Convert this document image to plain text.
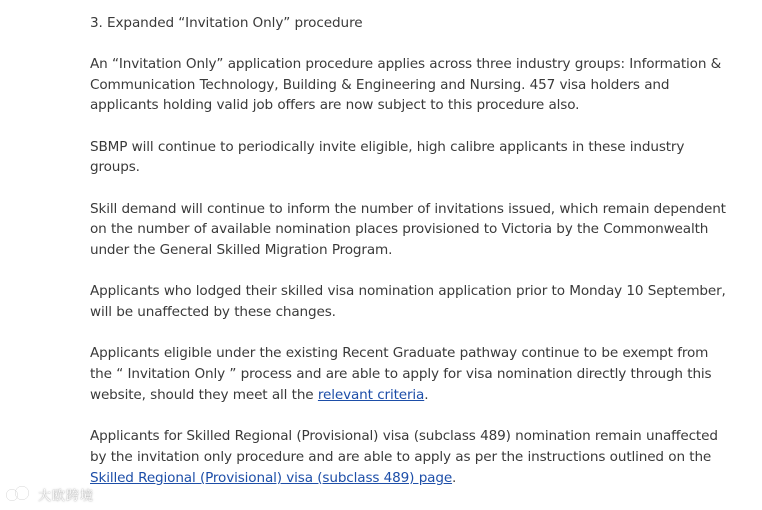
3. Expanded “Invitation Only” procedure

An “Invitation Only” application procedure applies across three industry groups: Information & Communication Technology, Building & Engineering and Nursing. 457 visa holders and applicants holding valid job offers are now subject to this procedure also.

SBMP will continue to periodically invite eligible, high calibre applicants in these industry groups.

Skill demand will continue to inform the number of invitations issued, which remain dependent on the number of available nomination places provisioned to Victoria by the Commonwealth under the General Skilled Migration Program.

Applicants who lodged their skilled visa nomination application prior to Monday 10 September, will be unaffected by these changes.

Applicants eligible under the existing Recent Graduate pathway continue to be exempt from the “ Invitation Only ” process and are able to apply for visa nomination directly through this website, should they meet all the relevant criteria.

Applicants for Skilled Regional (Provisional) visa (subclass 489) nomination remain unaffected by the invitation only procedure and are able to apply as per the instructions outlined on the Skilled Regional (Provisional) visa (subclass 489) page.

大欧跨境
